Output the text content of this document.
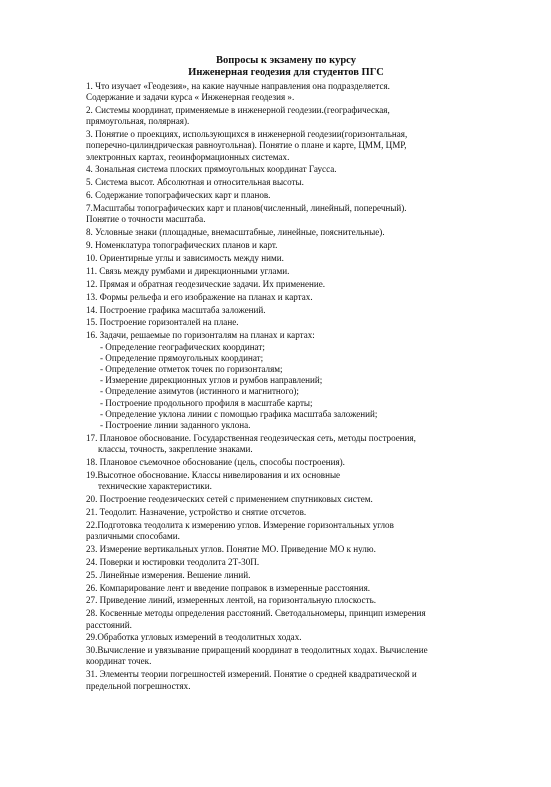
Вопросы к экзамену по курсу
Инженерная геодезия для студентов ПГС
1. Что изучает «Геодезия», на какие научные направления она подразделяется.
Содержание и задачи курса « Инженерная геодезия ».
2. Системы координат, применяемые в инженерной геодезии.(географическая,
прямоугольная, полярная).
3. Понятие о проекциях, использующихся в инженерной геодезии(горизонтальная,
поперечно-цилиндрическая равноугольная). Понятие о плане и карте, ЦММ, ЦМР,
электронных картах, геоинформационных системах.
4. Зональная система плоских прямоугольных координат Гаусса.
5. Система высот. Абсолютная и относительная высоты.
6. Содержание топографических карт и планов.
7.Масштабы топографических карт и планов(численный, линейный, поперечный).
Понятие о точности масштаба.
8. Условные знаки (площадные, внемасштабные, линейные, пояснительные).
9. Номенклатура топографических планов и карт.
10. Ориентирные углы и зависимость между ними.
11. Связь между румбами и дирекционными углами.
12. Прямая и обратная геодезические задачи. Их применение.
13. Формы рельефа и его изображение на планах и картах.
14. Построение графика масштаба заложений.
15. Построение горизонталей на плане.
16. Задачи, решаемые по горизонталям на планах и картах:
- Определение географических координат;
- Определение прямоугольных координат;
- Определение отметок точек по горизонталям;
- Измерение дирекционных углов и румбов направлений;
- Определение азимутов (истинного и магнитного);
- Построение продольного профиля в масштабе карты;
- Определение уклона линии с помощью графика масштаба заложений;
- Построение линии заданного уклона.
17. Плановое обоснование. Государственная геодезическая сеть, методы построения,
классы, точность, закрепление знаками.
18. Плановое съемочное обоснование (цель, способы построения).
19.Высотное обоснование. Классы нивелирования и их основные
технические характеристики.
20. Построение геодезических сетей с применением спутниковых систем.
21. Теодолит. Назначение, устройство и снятие отсчетов.
22.Подготовка теодолита к измерению углов. Измерение горизонтальных углов
различными способами.
23. Измерение вертикальных углов. Понятие МО. Приведение МО к нулю.
24. Поверки и юстировки теодолита 2Т-30П.
25. Линейные измерения. Вешение линий.
26. Компарирование лент и введение поправок в измеренные расстояния.
27. Приведение линий, измеренных лентой, на горизонтальную плоскость.
28. Косвенные методы определения расстояний. Светодальномеры, принцип измерения
расстояний.
29.Обработка угловых измерений в теодолитных ходах.
30.Вычисление и увязывание приращений координат в теодолитных ходах. Вычисление
координат точек.
31. Элементы теории погрешностей измерений. Понятие о средней квадратической и
предельной погрешностях.
